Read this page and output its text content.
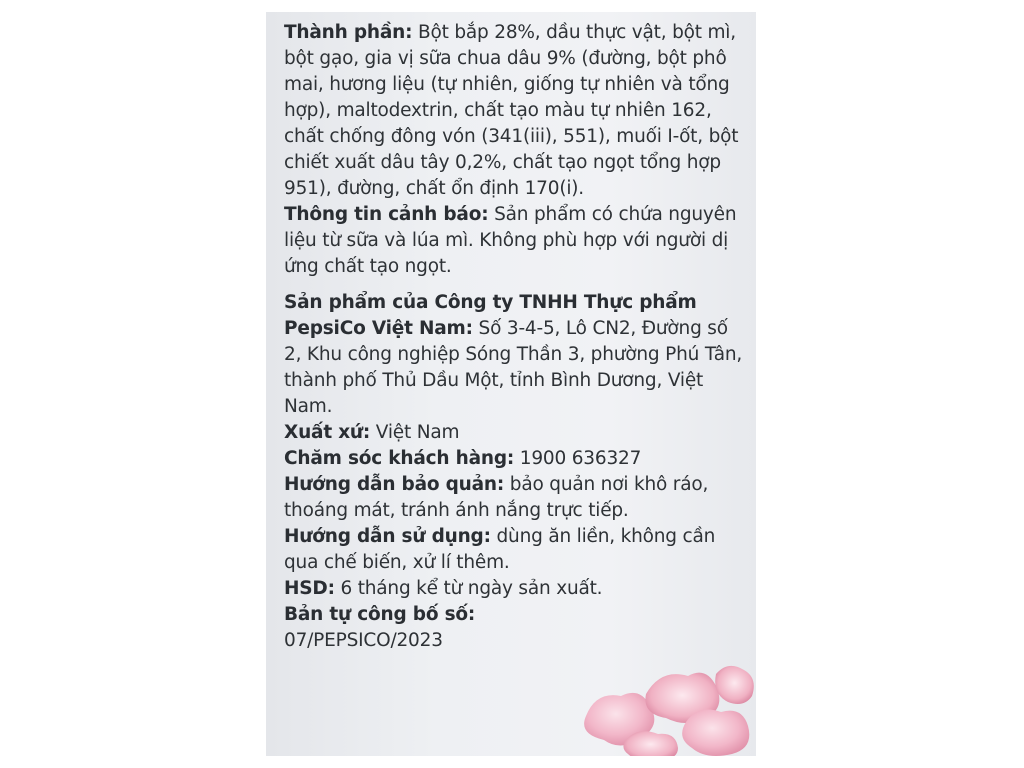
Thành phần: Bột bắp 28%, dầu thực vật, bột mì, bột gạo, gia vị sữa chua dâu 9% (đường, bột phô mai, hương liệu (tự nhiên, giống tự nhiên và tổng hợp), maltodextrin, chất tạo màu tự nhiên 162, chất chống đông vón (341(iii), 551), muối I-ốt, bột chiết xuất dâu tây 0,2%, chất tạo ngọt tổng hợp 951), đường, chất ổn định 170(i).

Thông tin cảnh báo: Sản phẩm có chứa nguyên liệu từ sữa và lúa mì. Không phù hợp với người dị ứng chất tạo ngọt.

Sản phẩm của Công ty TNHH Thực phẩm PepsiCo Việt Nam: Số 3-4-5, Lô CN2, Đường số 2, Khu công nghiệp Sóng Thần 3, phường Phú Tân, thành phố Thủ Dầu Một, tỉnh Bình Dương, Việt Nam.

Xuất xứ: Việt Nam

Chăm sóc khách hàng: 1900 636327

Hướng dẫn bảo quản: bảo quản nơi khô ráo, thoáng mát, tránh ánh nắng trực tiếp.

Hướng dẫn sử dụng: dùng ăn liền, không cần qua chế biến, xử lí thêm.

HSD: 6 tháng kể từ ngày sản xuất.

Bản tự công bố số:
07/PEPSICO/2023
